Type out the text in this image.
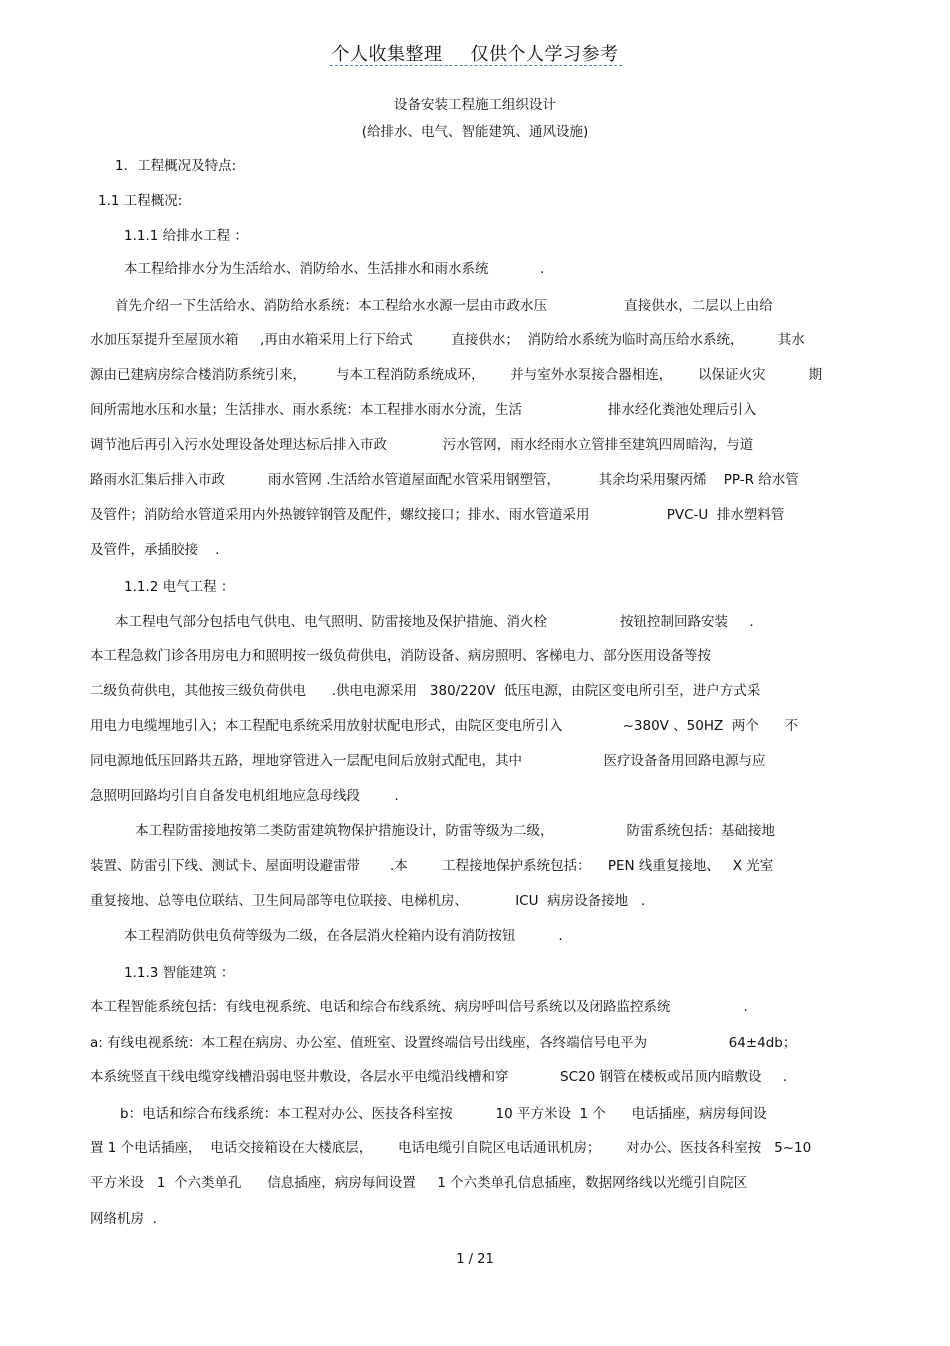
个人收集整理 仅供个人学习参考
设备安装工程施工组织设计
(给排水、电气、智能建筑、通风设施)
1．工程概况及特点:
1.1 工程概况:
1.1.1 给排水工程 ：
本工程给排水分为生活给水、消防给水、生活排水和雨水系统            .
首先介绍一下生活给水、消防给水系统：本工程给水水源一层由市政水压                  直接供水，二层以上由给
水加压泵提升至屋顶水箱     ,再由水箱采用上行下给式         直接供水；  消防给水系统为临时高压给水系统，        其水
源由已建病房综合楼消防系统引来，       与本工程消防系统成环，      并与室外水泵接合器相连，      以保证火灾          期
间所需地水压和水量；生活排水、雨水系统：本工程排水雨水分流，生活                    排水经化粪池处理后引入
调节池后再引入污水处理设备处理达标后排入市政             污水管网，雨水经雨水立管排至建筑四周暗沟，与道
路雨水汇集后排入市政          雨水管网 .生活给水管道屋面配水管采用钢塑管，         其余均采用聚丙烯    PP-R 给水管
及管件；消防给水管道采用内外热镀锌钢管及配件，螺纹接口；排水、雨水管道采用                  PVC-U  排水塑料管
及管件，承插胶接    .
1.1.2 电气工程 ：
本工程电气部分包括电气供电、电气照明、防雷接地及保护措施、消火栓                 按钮控制回路安装     .
本工程急救门诊各用房电力和照明按一级负荷供电，消防设备、病房照明、客梯电力、部分医用设备等按
二级负荷供电，其他按三级负荷供电      .供电电源采用   380/220V  低压电源，由院区变电所引至，进户方式采
用电力电缆埋地引入；本工程配电系统采用放射状配电形式，由院区变电所引入              ~380V 、50HZ  两个      不
同电源地低压回路共五路，埋地穿管进入一层配电间后放射式配电，其中                   医疗设备备用回路电源与应
急照明回路均引自自备发电机组地应急母线段        .
本工程防雷接地按第二类防雷建筑物保护措施设计，防雷等级为二级，                 防雷系统包括：基础接地
装置、防雷引下线、测试卡、屋面明设避雷带       .本        工程接地保护系统包括：    PEN 线重复接地、   X 光室
重复接地、总等电位联结、卫生间局部等电位联接、电梯机房、           ICU  病房设备接地   .
本工程消防供电负荷等级为二级，在各层消火栓箱内设有消防按钮          .
1.1.3 智能建筑 ：
本工程智能系统包括：有线电视系统、电话和综合布线系统、病房呼叫信号系统以及闭路监控系统                 .
a: 有线电视系统：本工程在病房、办公室、值班室、设置终端信号出线座，各终端信号电平为                   64±4db；
本系统竖直干线电缆穿线槽沿弱电竖井敷设，各层水平电缆沿线槽和穿            SC20 钢管在楼板或吊顶内暗敷设     .
b：电话和综合布线系统：本工程对办公、医技各科室按          10 平方米设  1 个      电话插座，病房每间设
置 1 个电话插座，  电话交接箱设在大楼底层，      电话电缆引自院区电话通讯机房；      对办公、医技各科室按   5~10
平方米设   1  个六类单孔      信息插座，病房每间设置     1 个六类单孔信息插座，数据网络线以光缆引自院区
网络机房  .
1 / 21
